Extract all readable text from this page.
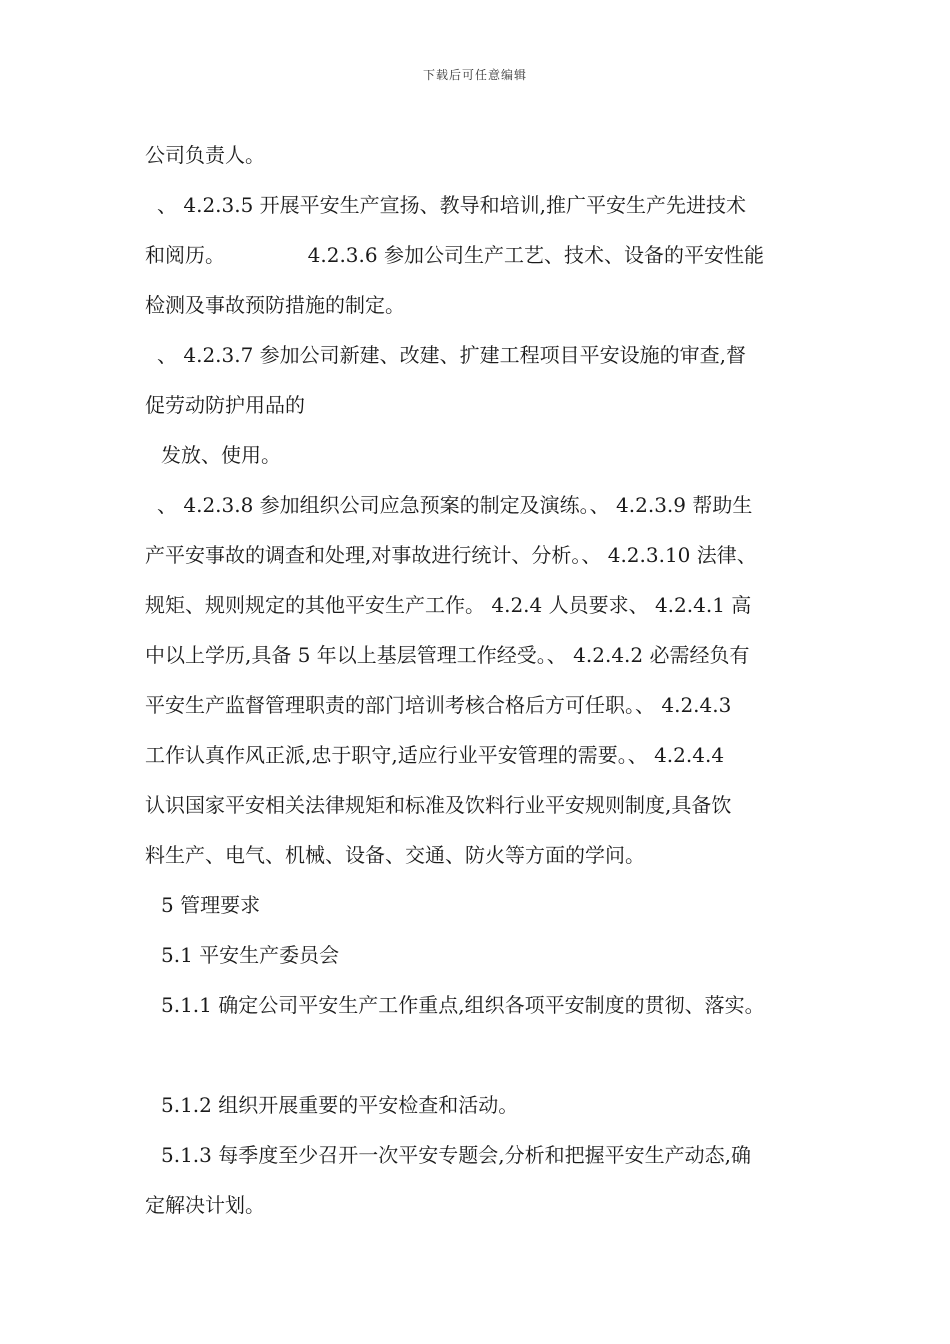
下载后可任意编辑
公司负责人。
、 4.2.3.5 开展平安生产宣扬、教导和培训,推广平安生产先进技术
和阅历。             4.2.3.6 参加公司生产工艺、技术、设备的平安性能
检测及事故预防措施的制定。
、 4.2.3.7 参加公司新建、改建、扩建工程项目平安设施的审查,督
促劳动防护用品的
发放、使用。
、 4.2.3.8 参加组织公司应急预案的制定及演练。、 4.2.3.9 帮助生
产平安事故的调查和处理,对事故进行统计、分析。、 4.2.3.10 法律、
规矩、规则规定的其他平安生产工作。 4.2.4 人员要求、 4.2.4.1 高
中以上学历,具备 5 年以上基层管理工作经受。、 4.2.4.2 必需经负有
平安生产监督管理职责的部门培训考核合格后方可任职。、 4.2.4.3
工作认真作风正派,忠于职守,适应行业平安管理的需要。、 4.2.4.4
认识国家平安相关法律规矩和标准及饮料行业平安规则制度,具备饮
料生产、电气、机械、设备、交通、防火等方面的学问。
5 管理要求
5.1 平安生产委员会
5.1.1 确定公司平安生产工作重点,组织各项平安制度的贯彻、落实。
5.1.2 组织开展重要的平安检查和活动。
5.1.3 每季度至少召开一次平安专题会,分析和把握平安生产动态,确
定解决计划。
